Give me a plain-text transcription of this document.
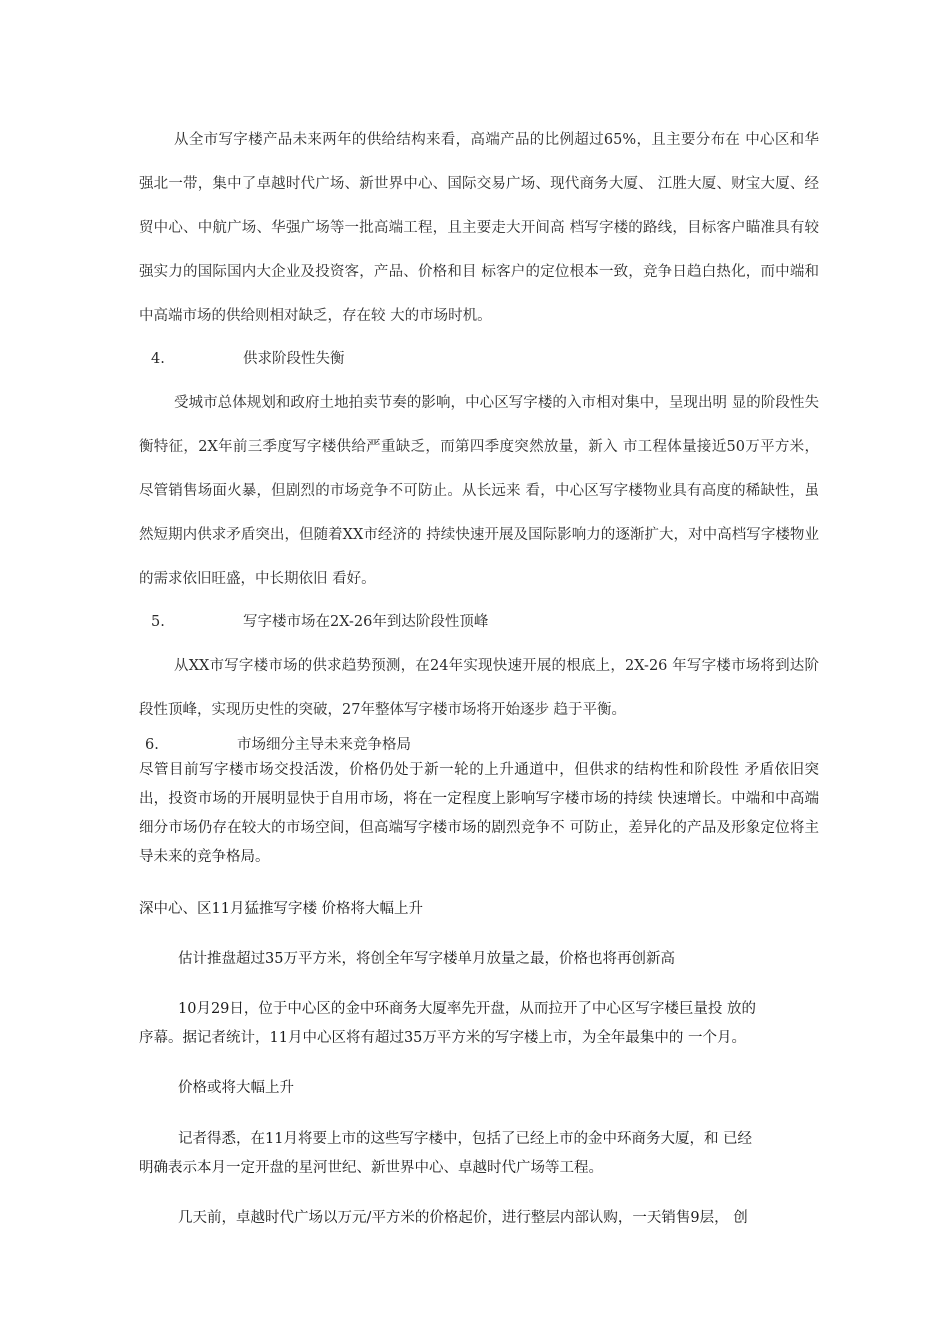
从全市写字楼产品未来两年的供给结构来看，高端产品的比例超过65%，且主要分布在 中心区和华强北一带，集中了卓越时代广场、新世界中心、国际交易广场、现代商务大厦、 江胜大厦、财宝大厦、经贸中心、中航广场、华强广场等一批高端工程，且主要走大开间高 档写字楼的路线，目标客户瞄准具有较强实力的国际国内大企业及投资客，产品、价格和目 标客户的定位根本一致，竞争日趋白热化，而中端和中高端市场的供给则相对缺乏，存在较 大的市场时机。

4.	供求阶段性失衡

受城市总体规划和政府土地拍卖节奏的影响，中心区写字楼的入市相对集中，呈现出明 显的阶段性失衡特征，2X年前三季度写字楼供给严重缺乏，而第四季度突然放量，新入 市工程体量接近50万平方米，尽管销售场面火暴，但剧烈的市场竞争不可防止。从长远来 看，中心区写字楼物业具有高度的稀缺性，虽然短期内供求矛盾突出，但随着XX市经济的 持续快速开展及国际影响力的逐渐扩大，对中高档写字楼物业的需求依旧旺盛，中长期依旧 看好。

5.	写字楼市场在2X-26年到达阶段性顶峰

从XX市写字楼市场的供求趋势预测，在24年实现快速开展的根底上，2X-26 年写字楼市场将到达阶段性顶峰，实现历史性的突破，27年整体写字楼市场将开始逐步 趋于平衡。

6.	市场细分主导未来竞争格局

尽管目前写字楼市场交投活泼，价格仍处于新一轮的上升通道中，但供求的结构性和阶段性 矛盾依旧突出，投资市场的开展明显快于自用市场，将在一定程度上影响写字楼市场的持续 快速增长。中端和中高端细分市场仍存在较大的市场空间，但高端写字楼市场的剧烈竞争不 可防止，差异化的产品及形象定位将主导未来的竞争格局。

深中心、区11月猛推写字楼 价格将大幅上升

估计推盘超过35万平方米，将创全年写字楼单月放量之最，价格也将再创新高

10月29日，位于中心区的金中环商务大厦率先开盘，从而拉开了中心区写字楼巨量投 放的

序幕。据记者统计，11月中心区将有超过35万平方米的写字楼上市，为全年最集中的 一个月。

价格或将大幅上升

记者得悉，在11月将要上市的这些写字楼中，包括了已经上市的金中环商务大厦，和 已经

明确表示本月一定开盘的星河世纪、新世界中心、卓越时代广场等工程。

几天前，卓越时代广场以万元/平方米的价格起价，进行整层内部认购，一天销售9层， 创
